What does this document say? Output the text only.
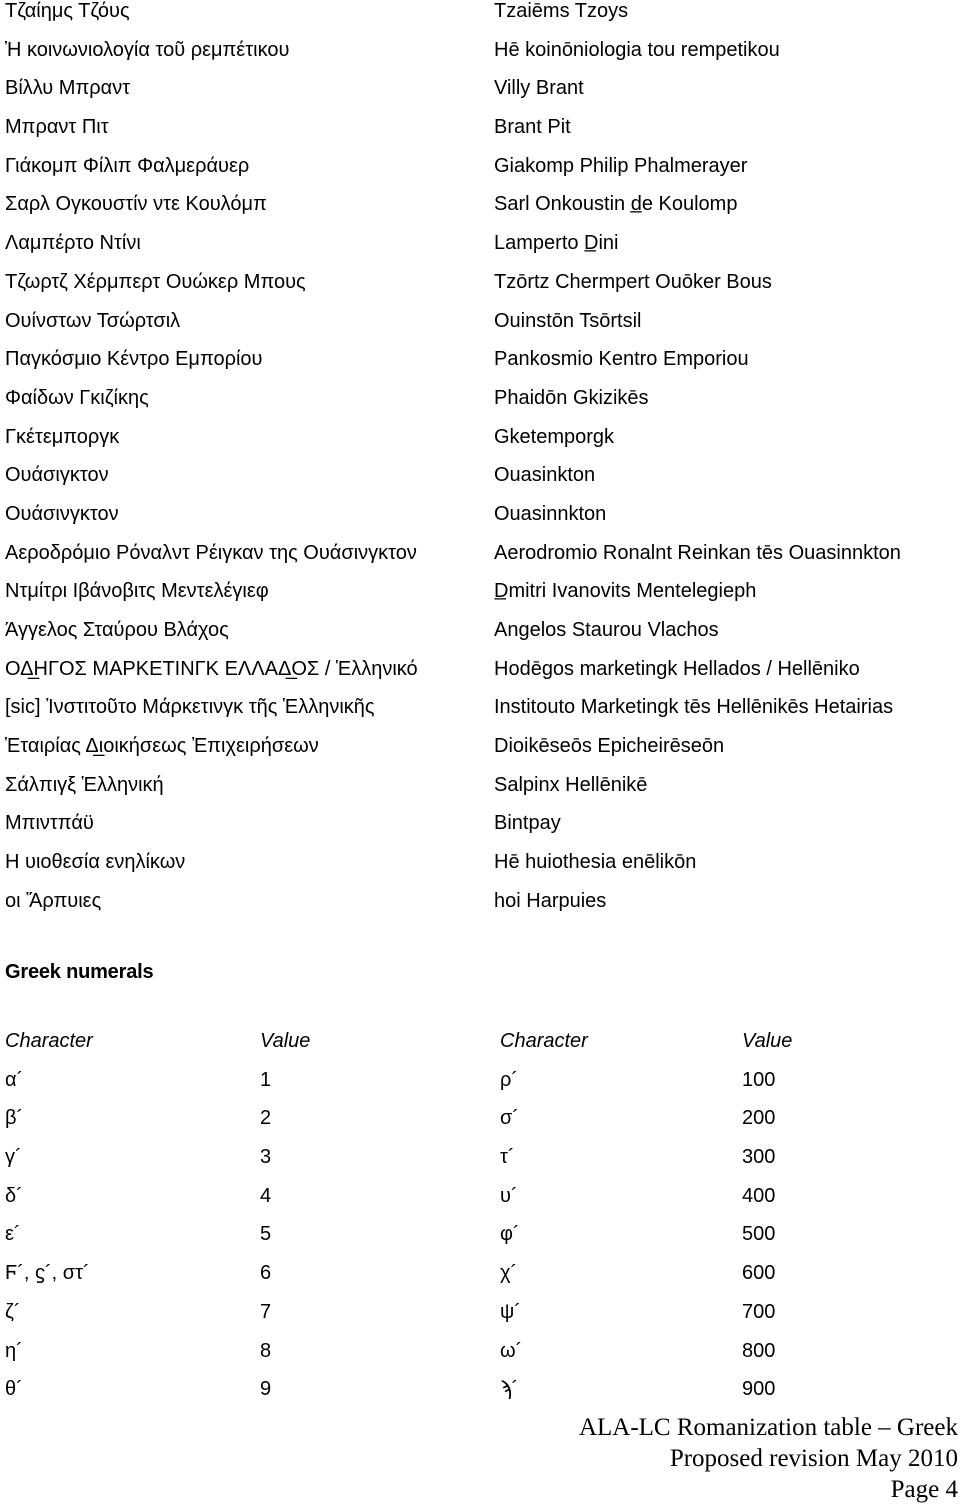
Τζαίημς Τζόυς	Tzaiēms Tzoys
Ἡ κοινωνιολογία τοῦ ρεμπέτικου	Hē koinōniologia tou rempetikou
Βίλλυ Μπραντ	Villy Brant
Μπραντ Πιτ	Brant Pit
Γιάκομπ Φίλιπ Φαλμεράυερ	Giakomp Philip Phalmerayer
Σαρλ Ογκουστίν ντε Κουλόμπ	Sarl Onkoustin d̲e Koulomp
Λαμπέρτο Ντίνι	Lamperto D̲ini
Τζωρτζ Χέρμπερτ Ουώκερ Μπους	Tzōrtz Chermpert Ouōker Bous
Ουίνστων Τσώρτσιλ	Ouinstōn Tsōrtsil
Παγκόσμιο Κέντρο Εμπορίου	Pankosmio Kentro Emporiou
Φαίδων Γκιζίκης	Phaidōn Gkizikēs
Γκέτεμποργκ	Gketemporgk
Ουάσιγκτον	Ouasinkton
Ουάσινγκτον	Ouasinnkton
Αεροδρόμιο Ρόναλντ Ρέιγκαν της Ουάσινγκτον	Aerodromio Ronalnt Reinkan tēs Ouasinnkton
Ντμίτρι Ιβάνοβιτς Μεντελέγιεφ	D̲mitri Ivanovits Mentelegieph
Άγγελος Σταύρου Βλάχος	Angelos Staurou Vlachos
ΟΔ̲ΗΓΟΣ ΜΑΡΚΕΤΙΝΓΚ ΕΛΛΑΔ̲ΟΣ / Ἑλληνικό	Hodēgos marketingk Hellados / Hellēniko
[sic] Ἰνστιτοῦτο Μάρκετινγκ τῆς Ἑλληνικῆς	Institouto Marketingk tēs Hellēnikēs Hetairias
Ἑταιρίας Δ̲ιοικήσεως Ἐπιχειρήσεων	Dioikēseōs Epicheirēseōn
Σάλπιγξ Ἑλληνική	Salpinx Hellēnikē
Μπιντπάϋ	Bintpay
Η υιοθεσία ενηλίκων	Hē huiothesia enēlikōn
οι Ἅρπυιες	hoi Harpuies
Greek numerals
Character	Value	Character	Value
α´	1	ρ´	100
β´	2	σ´	200
γ´	3	τ´	300
δ´	4	υ´	400
ε´	5	φ´	500
Ϝ´, ϛ´, στ´	6	χ´	600
ζ´	7	ψ´	700
η´	8	ω´	800
θ´	9	ϡ´	900
ALA-LC Romanization table – Greek
Proposed revision May 2010
Page 4
